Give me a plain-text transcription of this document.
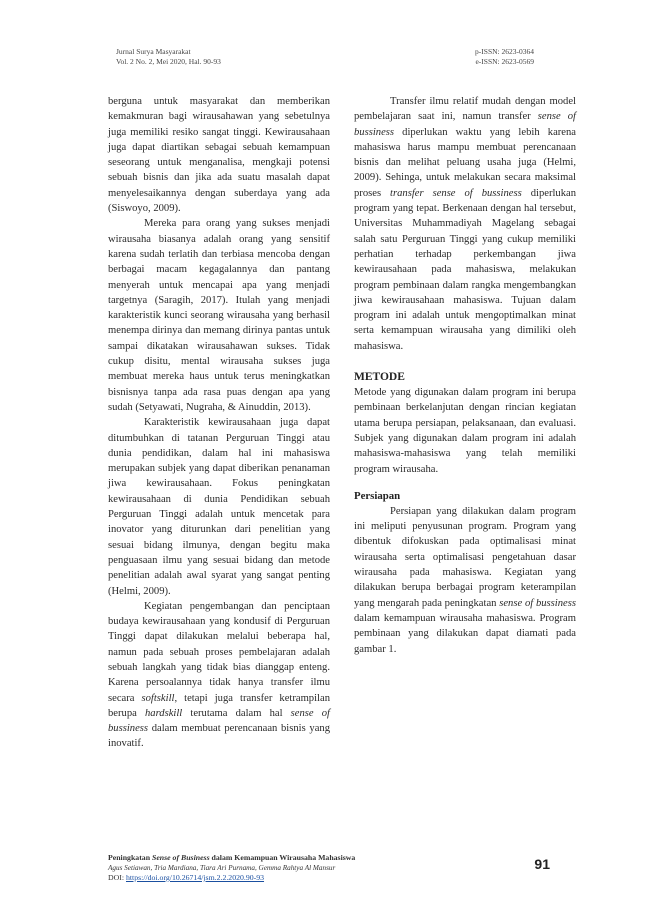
Jurnal Surya Masyarakat
Vol. 2 No. 2, Mei 2020, Hal. 90-93
p-ISSN: 2623-0364
e-ISSN: 2623-0569

berguna untuk masyarakat dan memberikan kemakmuran bagi wirausahawan yang sebetulnya juga memiliki resiko sangat tinggi. Kewirausahaan juga dapat diartikan sebagai sebuah kemampuan seseorang untuk menganalisa, mengkaji potensi sebuah bisnis dan jika ada suatu masalah dapat menyelesaikannya dengan suberdaya yang ada (Siswoyo, 2009).

Mereka para orang yang sukses menjadi wirausaha biasanya adalah orang yang sensitif karena sudah terlatih dan terbiasa mencoba dengan berbagai macam kegagalannya dan pantang menyerah untuk mencapai apa yang menjadi targetnya (Saragih, 2017). Itulah yang menjadi karakteristik kunci seorang wirausaha yang berhasil menempa dirinya dan memang dirinya pantas untuk sampai dikatakan wirausahawan sukses. Tidak cukup disitu, mental wirausaha sukses juga membuat mereka haus untuk terus meningkatkan bisnisnya tanpa ada rasa puas dengan apa yang sudah (Setyawati, Nugraha, & Ainuddin, 2013).

Karakteristik kewirausahaan juga dapat ditumbuhkan di tatanan Perguruan Tinggi atau dunia pendidikan, dalam hal ini mahasiswa merupakan subjek yang dapat diberikan penanaman jiwa kewirausahaan. Fokus peningkatan kewirausahaan di dunia Pendidikan sebuah Perguruan Tinggi adalah untuk mencetak para inovator yang diturunkan dari penelitian yang sesuai bidang ilmunya, dengan begitu maka penguasaan ilmu yang sesuai bidang dan metode penelitian adalah awal syarat yang sangat penting (Helmi, 2009).

Kegiatan pengembangan dan penciptaan budaya kewirausahaan yang kondusif di Perguruan Tinggi dapat dilakukan melalui beberapa hal, namun pada sebuah proses pembelajaran adalah sebuah langkah yang tidak bias dianggap enteng. Karena persoalannya tidak hanya transfer ilmu secara softskill, tetapi juga transfer ketrampilan berupa hardskill terutama dalam hal sense of bussiness dalam membuat perencanaan bisnis yang inovatif.

Transfer ilmu relatif mudah dengan model pembelajaran saat ini, namun transfer sense of bussiness diperlukan waktu yang lebih karena mahasiswa harus mampu membuat perencanaan bisnis dan melihat peluang usaha juga (Helmi, 2009). Sehinga, untuk melakukan secara maksimal proses transfer sense of bussiness diperlukan program yang tepat. Berkenaan dengan hal tersebut, Universitas Muhammadiyah Magelang sebagai salah satu Perguruan Tinggi yang cukup memiliki perhatian terhadap perkembangan jiwa kewirausahaan pada mahasiswa, melakukan program pembinaan dalam rangka mengembangkan jiwa kewirausahaan mahasiswa. Tujuan dalam program ini adalah untuk mengoptimalkan minat serta kemampuan wirausaha yang dimiliki oleh mahasiswa.

METODE

Metode yang digunakan dalam program ini berupa pembinaan berkelanjutan dengan rincian kegiatan utama berupa persiapan, pelaksanaan, dan evaluasi. Subjek yang digunakan dalam program ini adalah mahasiswa-mahasiswa yang telah memiliki program wirausaha.

Persiapan

Persiapan yang dilakukan dalam program ini meliputi penyusunan program. Program yang dibentuk difokuskan pada optimalisasi minat wirausaha serta optimalisasi pengetahuan dasar wirausaha pada mahasiswa. Kegiatan yang dilakukan berupa berbagai program keterampilan yang mengarah pada peningkatan sense of bussiness dalam kemampuan wirausaha mahasiswa. Program pembinaan yang dilakukan dapat diamati pada gambar 1.

Peningkatan Sense of Business dalam Kemampuan Wirausaha Mahasiswa
Agus Setiawan, Tria Mardiana, Tiara Ari Purnama, Gemma Rahtya Al Mansur
DOI: https://doi.org/10.26714/jsm.2.2.2020.90-93
91
